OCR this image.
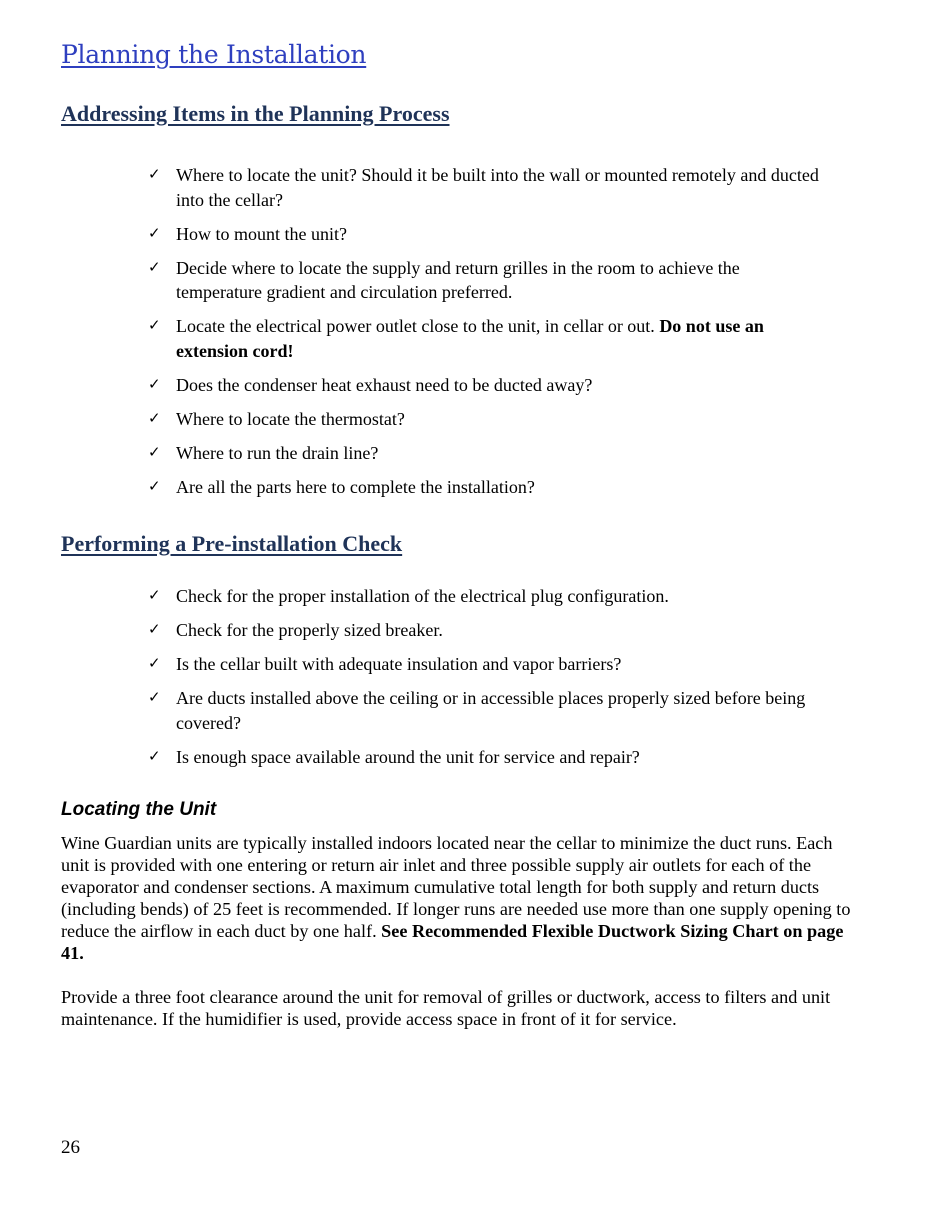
Planning the Installation
Addressing Items in the Planning Process
✓ Where to locate the unit? Should it be built into the wall or mounted remotely and ducted into the cellar?
✓ How to mount the unit?
✓ Decide where to locate the supply and return grilles in the room to achieve the temperature gradient and circulation preferred.
✓ Locate the electrical power outlet close to the unit, in cellar or out. Do not use an extension cord!
✓ Does the condenser heat exhaust need to be ducted away?
✓ Where to locate the thermostat?
✓ Where to run the drain line?
✓ Are all the parts here to complete the installation?
Performing a Pre-installation Check
✓ Check for the proper installation of the electrical plug configuration.
✓ Check for the properly sized breaker.
✓ Is the cellar built with adequate insulation and vapor barriers?
✓ Are ducts installed above the ceiling or in accessible places properly sized before being covered?
✓ Is enough space available around the unit for service and repair?
Locating the Unit

Wine Guardian units are typically installed indoors located near the cellar to minimize the duct runs. Each unit is provided with one entering or return air inlet and three possible supply air outlets for each of the evaporator and condenser sections. A maximum cumulative total length for both supply and return ducts (including bends) of 25 feet is recommended. If longer runs are needed use more than one supply opening to reduce the airflow in each duct by one half. See Recommended Flexible Ductwork Sizing Chart on page 41.

Provide a three foot clearance around the unit for removal of grilles or ductwork, access to filters and unit maintenance. If the humidifier is used, provide access space in front of it for service.

26
